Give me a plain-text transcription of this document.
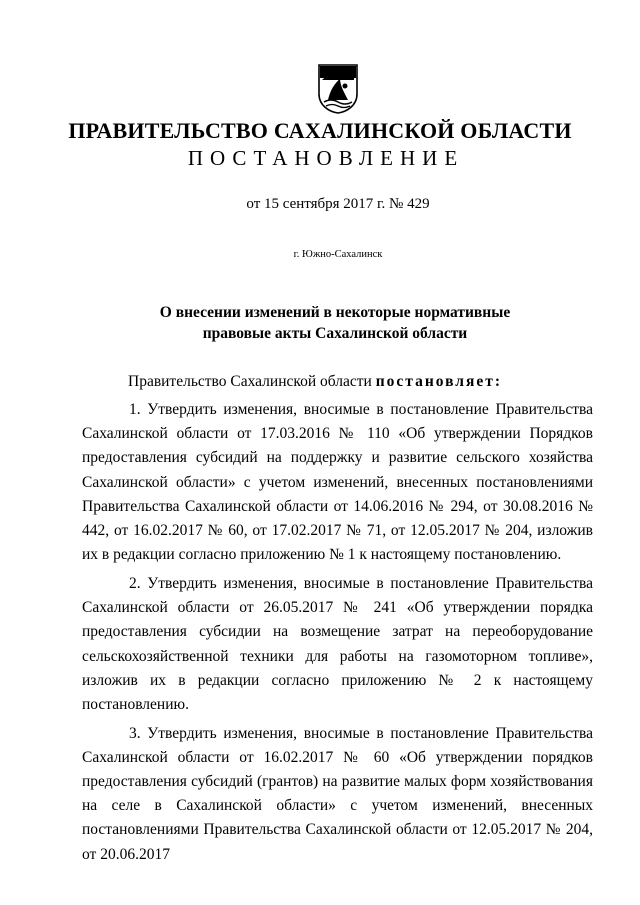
ПРАВИТЕЛЬСТВО САХАЛИНСКОЙ ОБЛАСТИ
ПОСТАНОВЛЕНИЕ
от 15 сентября 2017 г. № 429
г. Южно-Сахалинск
О внесении изменений в некоторые нормативные
правовые акты Сахалинской области
Правительство Сахалинской области постановляет:

1. Утвердить изменения, вносимые в постановление Правительства Сахалинской области от 17.03.2016 № 110 «Об утверждении Порядков предоставления субсидий на поддержку и развитие сельского хозяйства Сахалинской области» с учетом изменений, внесенных постановлениями Правительства Сахалинской области от 14.06.2016 № 294, от 30.08.2016 № 442, от 16.02.2017 № 60, от 17.02.2017 № 71, от 12.05.2017 № 204, изложив их в редакции согласно приложению № 1 к настоящему постановлению.

2. Утвердить изменения, вносимые в постановление Правительства Сахалинской области от 26.05.2017 № 241 «Об утверждении порядка предоставления субсидии на возмещение затрат на переоборудование сельскохозяйственной техники для работы на газомоторном топливе», изложив их в редакции согласно приложению № 2 к настоящему постановлению.

3. Утвердить изменения, вносимые в постановление Правительства Сахалинской области от 16.02.2017 № 60 «Об утверждении порядков предоставления субсидий (грантов) на развитие малых форм хозяйствования на селе в Сахалинской области» с учетом изменений, внесенных постановлениями Правительства Сахалинской области от 12.05.2017 № 204, от 20.06.2017
